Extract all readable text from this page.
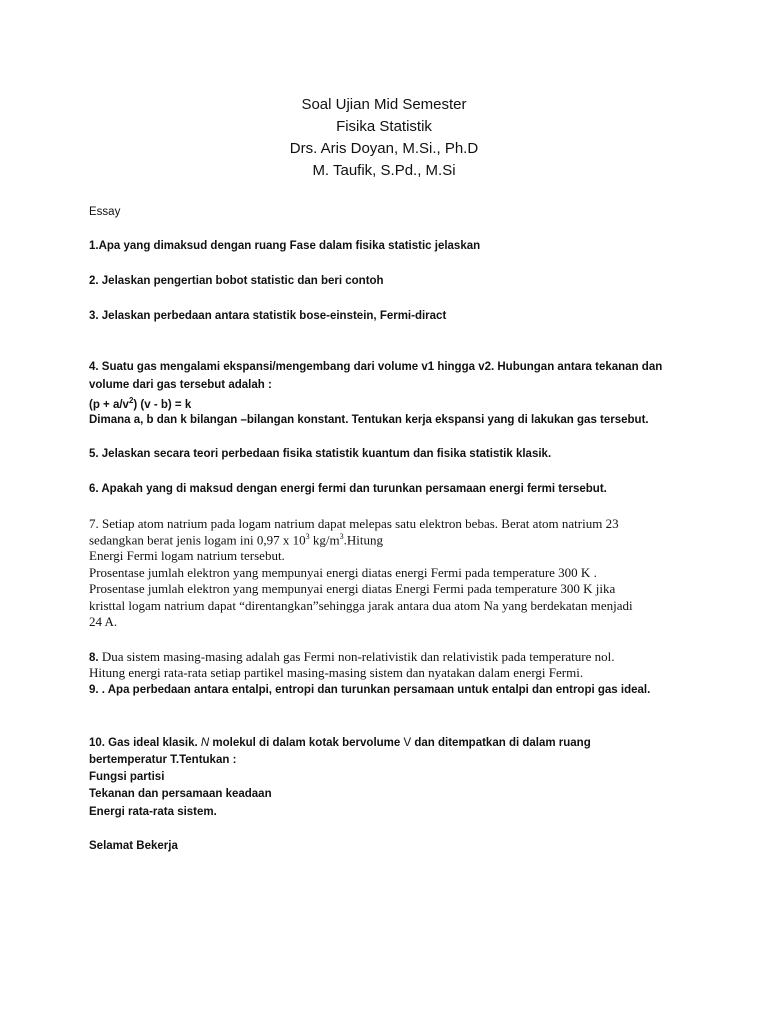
Soal Ujian Mid Semester
Fisika Statistik
Drs. Aris Doyan, M.Si., Ph.D
M. Taufik, S.Pd., M.Si
Essay
1.Apa yang dimaksud dengan ruang Fase dalam fisika statistic jelaskan
2. Jelaskan pengertian bobot statistic dan beri contoh
3. Jelaskan perbedaan antara statistik bose-einstein, Fermi-diract
4. Suatu gas mengalami ekspansi/mengembang dari volume v1 hingga v2. Hubungan antara tekanan dan
volume dari gas tersebut adalah :
$(p + a/v^2)$ (v - b) = k
Dimana a, b dan k bilangan –bilangan konstant. Tentukan kerja ekspansi yang di lakukan gas tersebut.
5. Jelaskan secara teori perbedaan fisika statistik kuantum dan fisika statistik klasik.
6. Apakah yang di maksud dengan energi fermi dan turunkan persamaan energi fermi tersebut.
7. Setiap atom natrium pada logam natrium dapat melepas satu elektron bebas. Berat atom natrium 23
sedangkan berat jenis logam ini 0,97 x $10^3$ $kg/m^3.Hitung$
Energi Fermi logam natrium tersebut.
Prosentase jumlah elektron yang mempunyai energi diatas energi Fermi pada temperature 300 K .
Prosentase jumlah elektron yang mempunyai energi diatas Energi Fermi pada temperature 300 K jika
kristtal logam natrium dapat “direntangkan”sehingga jarak antara dua atom Na yang berdekatan menjadi
24 A.
8. Dua sistem masing-masing adalah gas Fermi non-relativistik dan relativistik pada temperature nol.
Hitung energi rata-rata setiap partikel masing-masing sistem dan nyatakan dalam energi Fermi.
9. . Apa perbedaan antara entalpi, entropi dan turunkan persamaan untuk entalpi dan entropi gas ideal.
10. Gas ideal klasik. N molekul di dalam kotak bervolume V dan ditempatkan di dalam ruang
bertemperatur T.Tentukan :
Fungsi partisi
Tekanan dan persamaan keadaan
Energi rata-rata sistem.
Selamat Bekerja
